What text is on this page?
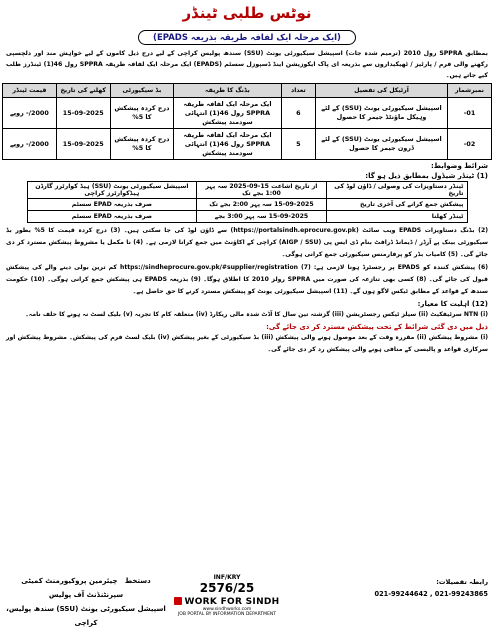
نوٹس طلبی ٹینڈر
(ایک مرحلہ ایک لفافہ طریقہ بذریعہ EPADS)
بمطابق SPPRA رول 2010 (ترمیم شدہ جات) اسپیشل سیکیورٹی یونٹ (SSU) سندھ پولیس کراچی کے لیے درج ذیل کاموں کے لیے خواہش مند اور دلچسپی رکھنے والی فرم / پارٹیز / ٹھیکیداروں سے بذریعہ ای پاک ایکوزیشن اینڈ ڈسپوزل سسٹم (EPADS) ایک مرحلہ ایک لفافہ طریقہ SPPRA رول 46(1) ٹینڈرز طلب کیے جاتے ہیں۔
نمبرشمار	آرٹیکل کی تفصیل	تعداد	بڈنگ کا طریقہ	بڈ سیکیورٹی	کھلنے کی تاریخ	قیمت ٹینڈر
01-	اسپیشل سیکیورٹی یونٹ (SSU) کے لئے وہیکل ماؤنٹڈ جیمر کا حصول	6	ایک مرحلہ ایک لفافہ طریقہ SPPRA رول 46(1) انتہائی سودمند پیشکش	درج کردہ پیشکش کا 5%	15-09-2025	2000/- روپے
02-	اسپیشل سیکیورٹی یونٹ (SSU) کے لئے ڈرون جیمر کا حصول	5	ایک مرحلہ ایک لفافہ طریقہ SPPRA رول 46(1) انتہائی سودمند پیشکش	درج کردہ پیشکش کا 5%	15-09-2025	2000/- روپے
شرائط وضوابط:
(1) ٹینڈر شیڈول بمطابق ذیل ہو گا:
ٹینڈر دستاویزات کی وصولی / ڈاؤن لوڈ کی تاریخ	از تاریخ اشاعت 15-09-2025 سہ پہر 1:00 بجے تک	اسپیشل سیکیورٹی یونٹ (SSU) ہیڈ کوارٹرز گارڈن ہیڈکوارٹرز کراچی
پیشکش جمع کرانے کی آخری تاریخ	15-09-2025 سہ پہر 2:00 بجے تک	صرف بذریعہ EPAD سسٹم
ٹینڈر کھلنا	15-09-2025 سہ پہر 3:00 بجے	صرف بذریعہ EPAD سسٹم
(2) بڈنگ دستاویزات EPADS ویب سائٹ (https://portalsindh.eprocure.gov.pk) سے ڈاؤن لوڈ کی جا سکتی ہیں۔ (3) درج کردہ قیمت کا 5% بطور بڈ سیکیورٹی بینک پے آرڈر / ڈیمانڈ ڈرافٹ بنام ڈی ایس پی (AIGP / SSU) کراچی کے اکاؤنٹ میں جمع کرانا لازمی ہے۔ (4) نا مکمل یا مشروط پیشکش مسترد کر دی جائے گی۔ (5) کامیاب بڈر کو پرفارمنس سیکیورٹی جمع کرانی ہوگی۔
(6) پیشکش کنندہ کو EPADS پر رجسٹرڈ ہونا لازمی ہے: https://sindheprocure.gov.pk/#supplier/registration (7) کم ترین بولی دینے والے کی پیشکش قبول کی جائے گی۔ (8) کسی بھی تنازعہ کی صورت میں SPPRA رولز 2010 کا اطلاق ہوگا۔ (9) بذریعہ EPADS ہی پیشکش جمع کرانی ہوگی۔ (10) حکومت سندھ کے قواعد کے مطابق ٹیکس لاگو ہوں گے۔ (11) اسپیشل سیکیورٹی یونٹ کو پیشکش مسترد کرنے کا حق حاصل ہے۔
(12) اہلیت کا معیار:
(i) NTN سرٹیفکیٹ (ii) سیلز ٹیکس رجسٹریشن (iii) گزشتہ تین سال کا آڈٹ شدہ مالی ریکارڈ (iv) متعلقہ کام کا تجربہ (v) بلیک لسٹ نہ ہونے کا حلف نامہ۔
ذیل میں دی گئی شرائط کے تحت پیشکش مسترد کر دی جائے گی:
(i) مشروط پیشکش (ii) مقررہ وقت کے بعد موصول ہونے والی پیشکش (iii) بڈ سیکیورٹی کے بغیر پیشکش (iv) بلیک لسٹ فرم کی پیشکش۔ مشروط پیشکش اور سرکاری قواعد و پالیسی کے منافی ہونے والی پیشکش رد کر دی جائے گی۔
رابطہ تفصیلات:
021-99244642 , 021-99243865
INF/KRY
2576/25
WORK FOR SINDH
www.sindhworks.com
JOB PORTAL BY INFORMATION DEPARTMENT
دستخط   چیئرمین پروکیورمنٹ کمیٹی
سپرنٹنڈنٹ آف پولیس
اسپیشل سیکیورٹی یونٹ (SSU) سندھ پولیس، کراچی
